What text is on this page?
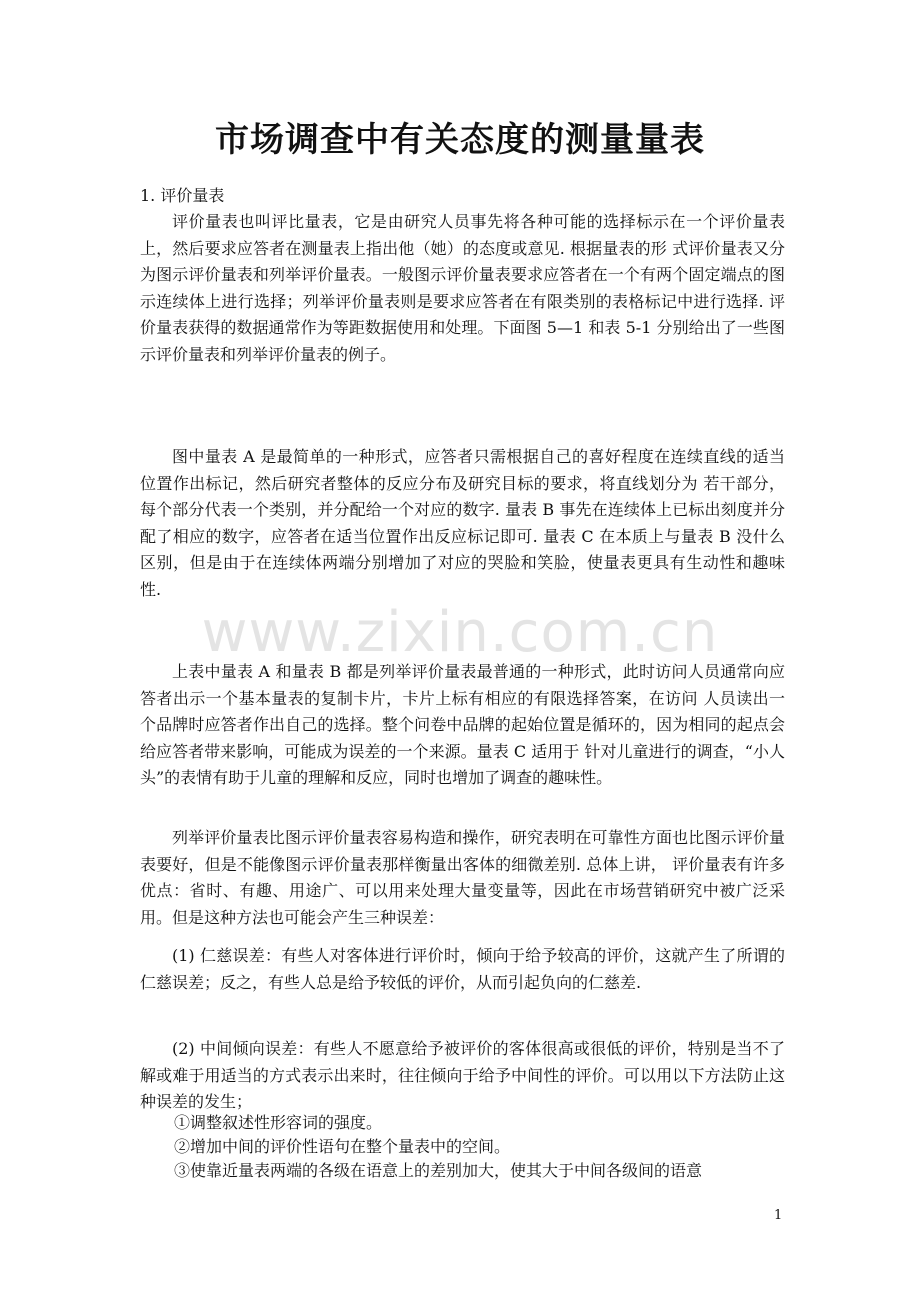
市场调查中有关态度的测量量表

1. 评价量表

评价量表也叫评比量表，它是由研究人员事先将各种可能的选择标示在一个评价量表上，然后要求应答者在测量表上指出他（她）的态度或意见. 根据量表的形 式评价量表又分为图示评价量表和列举评价量表。一般图示评价量表要求应答者在一个有两个固定端点的图示连续体上进行选择；列举评价量表则是要求应答者在有限类别的表格标记中进行选择. 评价量表获得的数据通常作为等距数据使用和处理。下面图 5—1 和表 5-1 分别给出了一些图示评价量表和列举评价量表的例子。

图中量表 A 是最简单的一种形式，应答者只需根据自己的喜好程度在连续直线的适当位置作出标记，然后研究者整体的反应分布及研究目标的要求，将直线划分为 若干部分，每个部分代表一个类别，并分配给一个对应的数字. 量表 B 事先在连续体上已标出刻度并分配了相应的数字，应答者在适当位置作出反应标记即可. 量表 C 在本质上与量表 B 没什么区别，但是由于在连续体两端分别增加了对应的哭脸和笑脸，使量表更具有生动性和趣味性.

www.zixin.com.cn

上表中量表 A 和量表 B 都是列举评价量表最普通的一种形式，此时访问人员通常向应答者出示一个基本量表的复制卡片，卡片上标有相应的有限选择答案，在访问 人员读出一个品牌时应答者作出自己的选择。整个问卷中品牌的起始位置是循环的，因为相同的起点会给应答者带来影响，可能成为误差的一个来源。量表 C 适用于 针对儿童进行的调查，“小人头”的表情有助于儿童的理解和反应，同时也增加了调查的趣味性。

列举评价量表比图示评价量表容易构造和操作，研究表明在可靠性方面也比图示评价量表要好，但是不能像图示评价量表那样衡量出客体的细微差别. 总体上讲， 评价量表有许多优点：省时、有趣、用途广、可以用来处理大量变量等，因此在市场营销研究中被广泛采用。但是这种方法也可能会产生三种误差：

(1) 仁慈误差：有些人对客体进行评价时，倾向于给予较高的评价，这就产生了所谓的仁慈误差；反之，有些人总是给予较低的评价，从而引起负向的仁慈差.

(2) 中间倾向误差：有些人不愿意给予被评价的客体很高或很低的评价，特别是当不了解或难于用适当的方式表示出来时，往往倾向于给予中间性的评价。可以用以下方法防止这种误差的发生；

①调整叙述性形容词的强度。

②增加中间的评价性语句在整个量表中的空间。

③使靠近量表两端的各级在语意上的差别加大，使其大于中间各级间的语意

1
